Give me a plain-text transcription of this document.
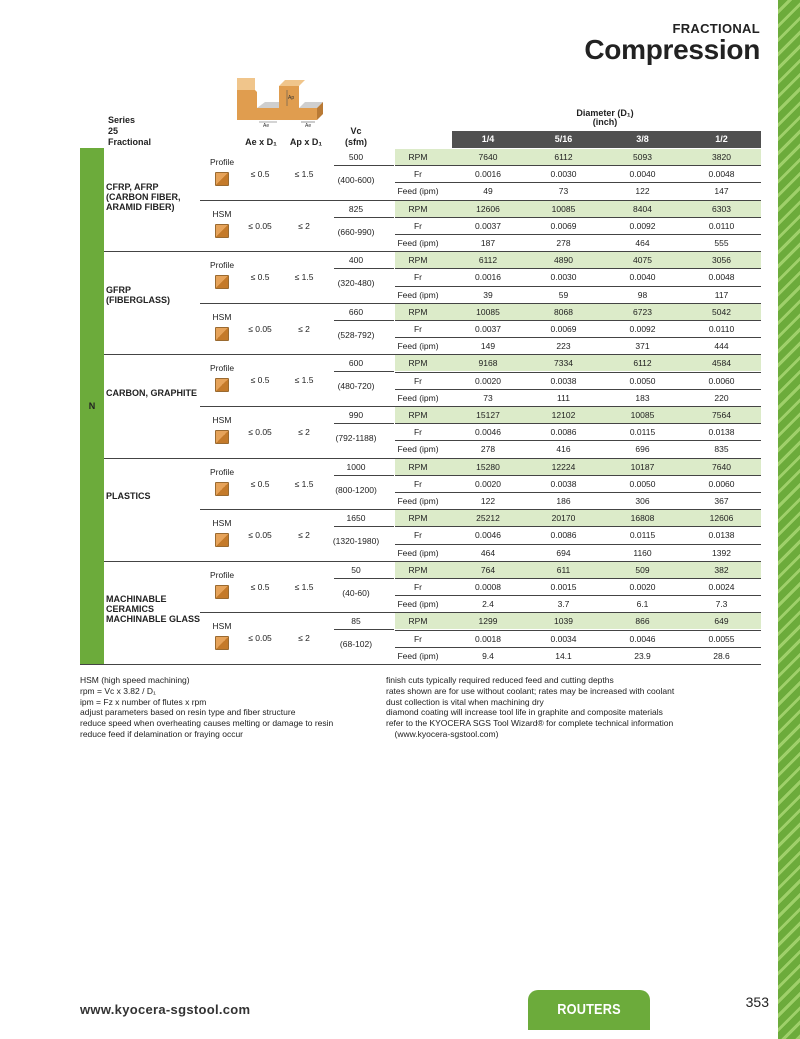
FRACTIONAL
Compression
Ae	Ae
Ap
Series
25
Fractional	Ae x D₁	Ap x D₁
Vc
(sfm)
Diameter (D₁)
(inch)
1/4	5/16	3/8	1/2
N
CFRP, AFRP
(CARBON FIBER,
ARAMID FIBER)
Profile
≤ 0.5	≤ 1.5
500
(400-600)
RPM	7640	6112	5093	3820
Fr	0.0016	0.0030	0.0040	0.0048
Feed (ipm)	49	73	122	147
HSM
≤ 0.05	≤ 2
825
(660-990)
RPM	12606	10085	8404	6303
Fr	0.0037	0.0069	0.0092	0.0110
Feed (ipm)	187	278	464	555
GFRP
(FIBERGLASS)
Profile
≤ 0.5	≤ 1.5
400
(320-480)
RPM	6112	4890	4075	3056
Fr	0.0016	0.0030	0.0040	0.0048
Feed (ipm)	39	59	98	117
HSM
≤ 0.05	≤ 2
660
(528-792)
RPM	10085	8068	6723	5042
Fr	0.0037	0.0069	0.0092	0.0110
Feed (ipm)	149	223	371	444
CARBON, GRAPHITE
Profile
≤ 0.5	≤ 1.5
600
(480-720)
RPM	9168	7334	6112	4584
Fr	0.0020	0.0038	0.0050	0.0060
Feed (ipm)	73	111	183	220
HSM
≤ 0.05	≤ 2
990
(792-1188)
RPM	15127	12102	10085	7564
Fr	0.0046	0.0086	0.0115	0.0138
Feed (ipm)	278	416	696	835
PLASTICS
Profile
≤ 0.5	≤ 1.5
1000
(800-1200)
RPM	15280	12224	10187	7640
Fr	0.0020	0.0038	0.0050	0.0060
Feed (ipm)	122	186	306	367
HSM
≤ 0.05	≤ 2
1650
(1320-1980)
RPM	25212	20170	16808	12606
Fr	0.0046	0.0086	0.0115	0.0138
Feed (ipm)	464	694	1160	1392
MACHINABLE
CERAMICS
MACHINABLE GLASS
Profile
≤ 0.5	≤ 1.5
50
(40-60)
RPM	764	611	509	382
Fr	0.0008	0.0015	0.0020	0.0024
Feed (ipm)	2.4	3.7	6.1	7.3
HSM
≤ 0.05	≤ 2
85
(68-102)
RPM	1299	1039	866	649
Fr	0.0018	0.0034	0.0046	0.0055
Feed (ipm)	9.4	14.1	23.9	28.6
HSM (high speed machining)
rpm = Vc x 3.82 / D₁
ipm = Fz x number of flutes x rpm
adjust parameters based on resin type and fiber structure
reduce speed when overheating causes melting or damage to resin
reduce feed if delamination or fraying occur
finish cuts typically required reduced feed and cutting depths
rates shown are for use without coolant; rates may be increased with coolant
dust collection is vital when machining dry
diamond coating will increase tool life in graphite and composite materials
refer to the KYOCERA SGS Tool Wizard® for complete technical information
 (www.kyocera-sgstool.com)
www.kyocera-sgstool.com	ROUTERS	353
